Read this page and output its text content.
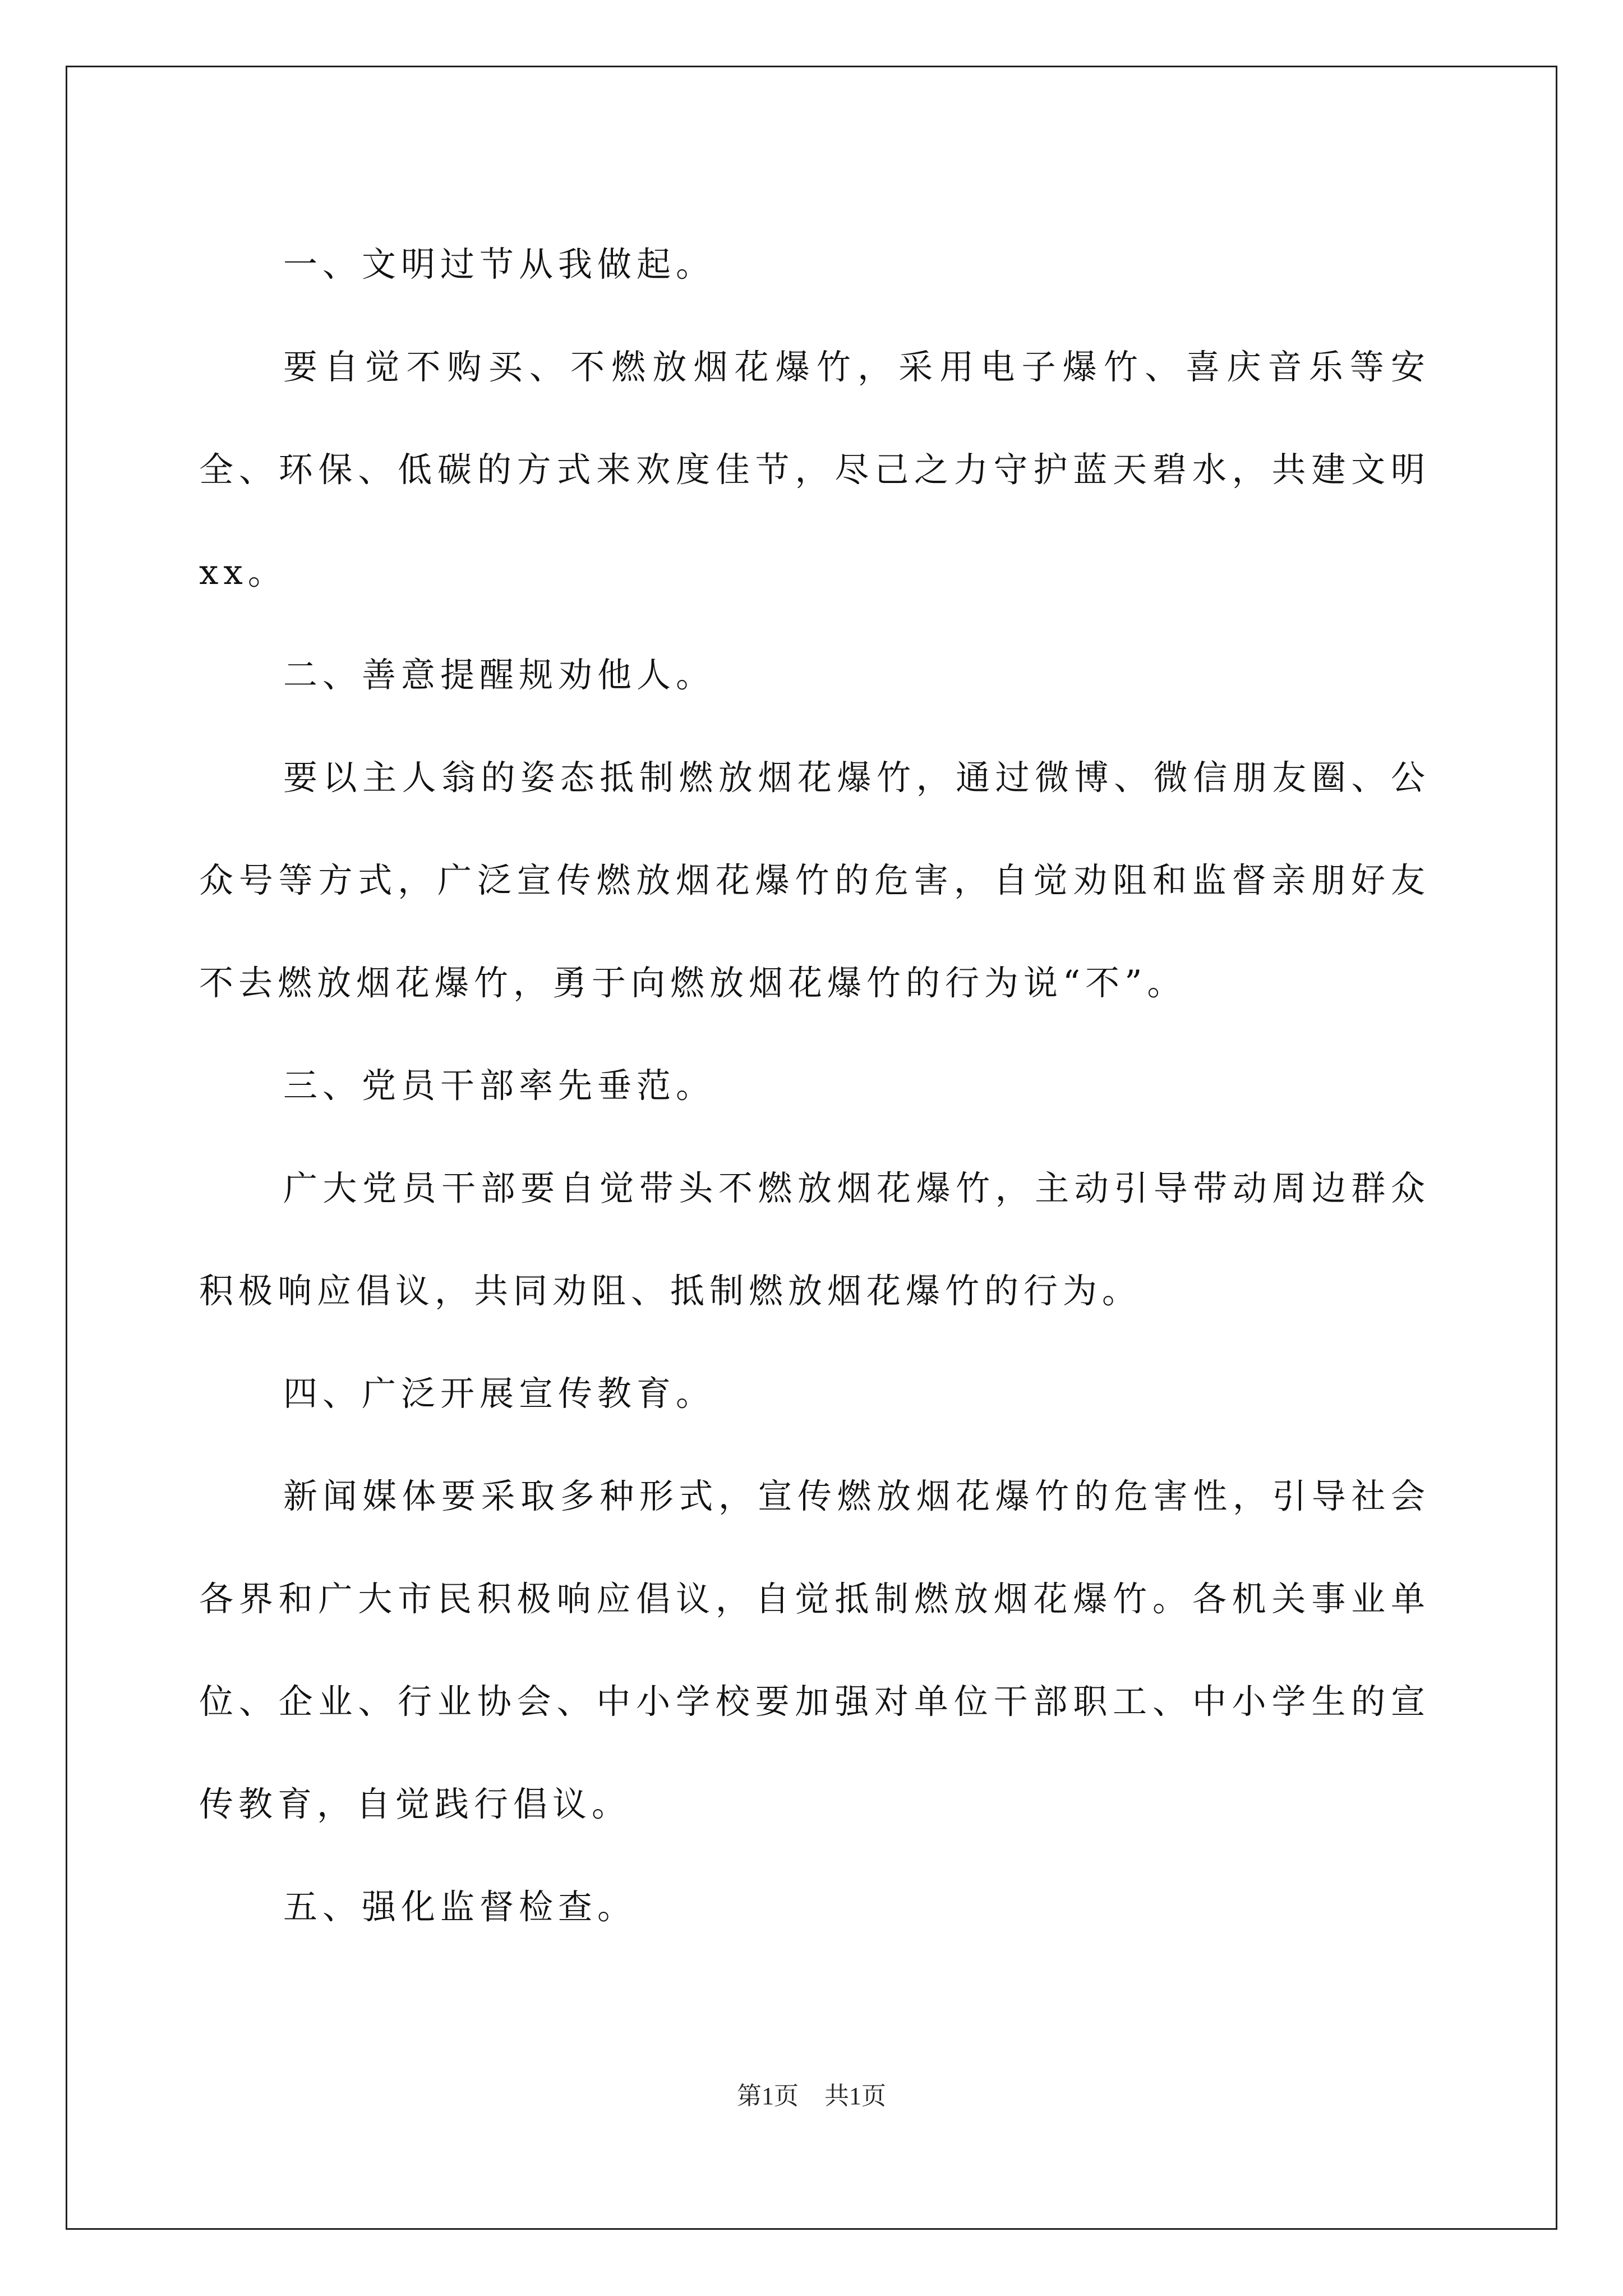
一、文明过节从我做起。

要自觉不购买、不燃放烟花爆竹，采用电子爆竹、喜庆音乐等安全、环保、低碳的方式来欢度佳节，尽己之力守护蓝天碧水，共建文明xx。

二、善意提醒规劝他人。

要以主人翁的姿态抵制燃放烟花爆竹，通过微博、微信朋友圈、公众号等方式，广泛宣传燃放烟花爆竹的危害，自觉劝阻和监督亲朋好友不去燃放烟花爆竹，勇于向燃放烟花爆竹的行为说“不”。

三、党员干部率先垂范。

广大党员干部要自觉带头不燃放烟花爆竹，主动引导带动周边群众积极响应倡议，共同劝阻、抵制燃放烟花爆竹的行为。

四、广泛开展宣传教育。

新闻媒体要采取多种形式，宣传燃放烟花爆竹的危害性，引导社会各界和广大市民积极响应倡议，自觉抵制燃放烟花爆竹。各机关事业单位、企业、行业协会、中小学校要加强对单位干部职工、中小学生的宣传教育，自觉践行倡议。

五、强化监督检查。

第1页 共1页
